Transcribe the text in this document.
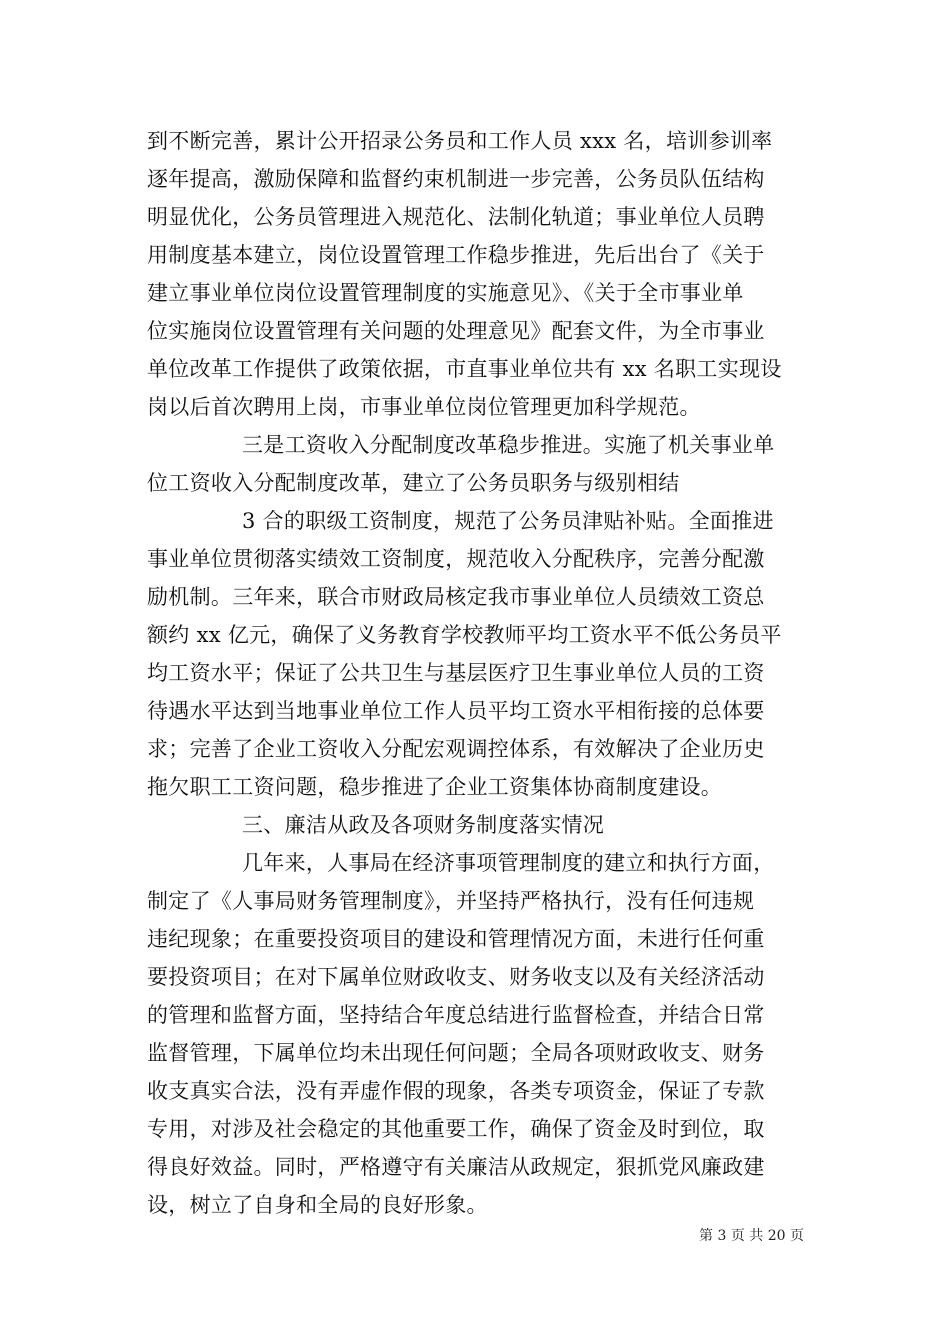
到不断完善，累计公开招录公务员和工作人员 xxx 名，培训参训率
逐年提高，激励保障和监督约束机制进一步完善，公务员队伍结构
明显优化，公务员管理进入规范化、法制化轨道；事业单位人员聘
用制度基本建立，岗位设置管理工作稳步推进，先后出台了《关于
建立事业单位岗位设置管理制度的实施意见》、《关于全市事业单
位实施岗位设置管理有关问题的处理意见》配套文件，为全市事业
单位改革工作提供了政策依据，市直事业单位共有 xx 名职工实现设
岗以后首次聘用上岗，市事业单位岗位管理更加科学规范。
三是工资收入分配制度改革稳步推进。实施了机关事业单
位工资收入分配制度改革，建立了公务员职务与级别相结
3 合的职级工资制度，规范了公务员津贴补贴。全面推进
事业单位贯彻落实绩效工资制度，规范收入分配秩序，完善分配激
励机制。三年来，联合市财政局核定我市事业单位人员绩效工资总
额约 xx 亿元，确保了义务教育学校教师平均工资水平不低公务员平
均工资水平；保证了公共卫生与基层医疗卫生事业单位人员的工资
待遇水平达到当地事业单位工作人员平均工资水平相衔接的总体要
求；完善了企业工资收入分配宏观调控体系，有效解决了企业历史
拖欠职工工资问题，稳步推进了企业工资集体协商制度建设。
三、廉洁从政及各项财务制度落实情况
几年来，人事局在经济事项管理制度的建立和执行方面，
制定了《人事局财务管理制度》，并坚持严格执行，没有任何违规
违纪现象；在重要投资项目的建设和管理情况方面，未进行任何重
要投资项目；在对下属单位财政收支、财务收支以及有关经济活动
的管理和监督方面，坚持结合年度总结进行监督检查，并结合日常
监督管理，下属单位均未出现任何问题；全局各项财政收支、财务
收支真实合法，没有弄虚作假的现象，各类专项资金，保证了专款
专用，对涉及社会稳定的其他重要工作，确保了资金及时到位，取
得良好效益。同时，严格遵守有关廉洁从政规定，狠抓党风廉政建
设，树立了自身和全局的良好形象。
第 3 页 共 20 页
